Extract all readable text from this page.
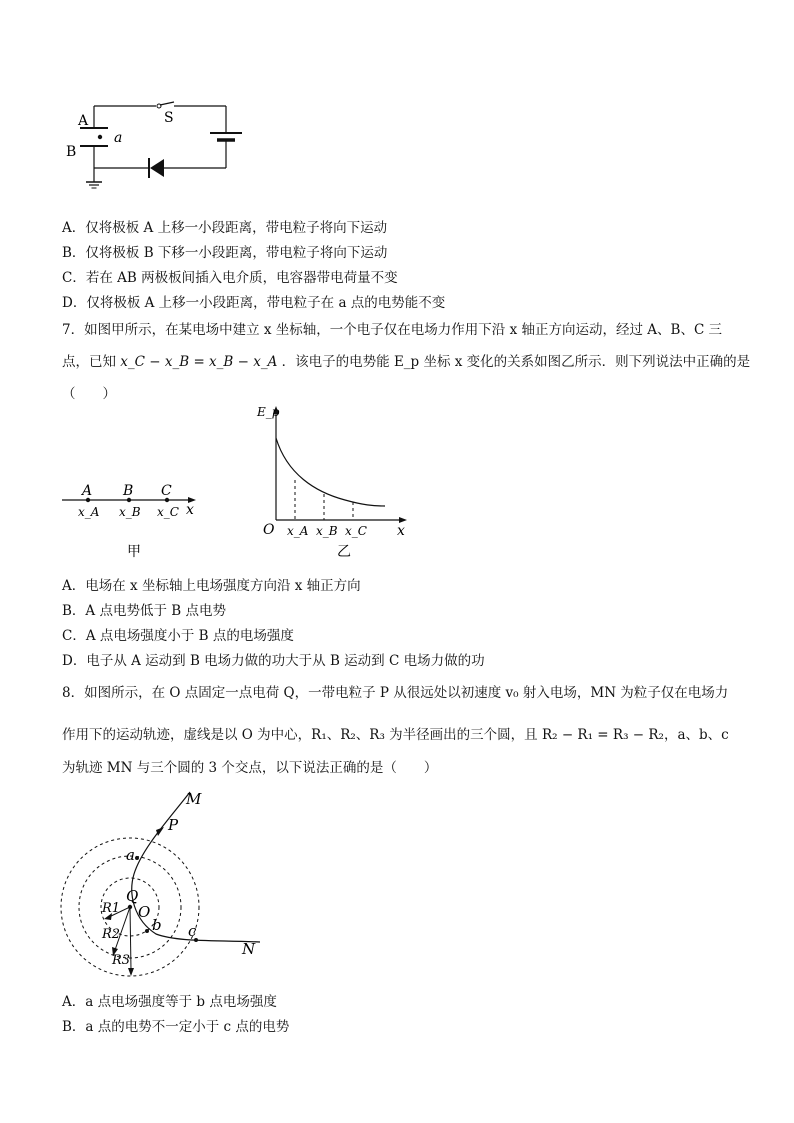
A
B
a
S
A．仅将极板 A 上移一小段距离，带电粒子将向下运动
B．仅将极板 B 下移一小段距离，带电粒子将向下运动
C．若在 AB 两极板间插入电介质，电容器带电荷量不变
D．仅将极板 A 上移一小段距离，带电粒子在 a 点的电势能不变
7．如图甲所示，在某电场中建立 x 坐标轴，一个电子仅在电场力作用下沿 x 轴正方向运动，经过 A、B、C 三
点，已知 x_C − x_B = x_B − x_A ．该电子的电势能 E_p 坐标 x 变化的关系如图乙所示．则下列说法中正确的是
（　　）
A B C
x_A x_B x_C x
甲
E_p
O x_A x_B x_C x
乙
A．电场在 x 坐标轴上电场强度方向沿 x 轴正方向
B．A 点电势低于 B 点电势
C．A 点电场强度小于 B 点的电场强度
D．电子从 A 运动到 B 电场力做的功大于从 B 运动到 C 电场力做的功
8．如图所示，在 O 点固定一点电荷 Q，一带电粒子 P 从很远处以初速度 v₀ 射入电场，MN 为粒子仅在电场力
作用下的运动轨迹，虚线是以 O 为中心，R₁、R₂、R₃ 为半径画出的三个圆，且 R₂ − R₁ = R₃ − R₂，a、b、c
为轨迹 MN 与三个圆的 3 个交点，以下说法正确的是（　　）
M
P
a
Q
O
R1
R2
R3
b c
N
A．a 点电场强度等于 b 点电场强度
B．a 点的电势不一定小于 c 点的电势
